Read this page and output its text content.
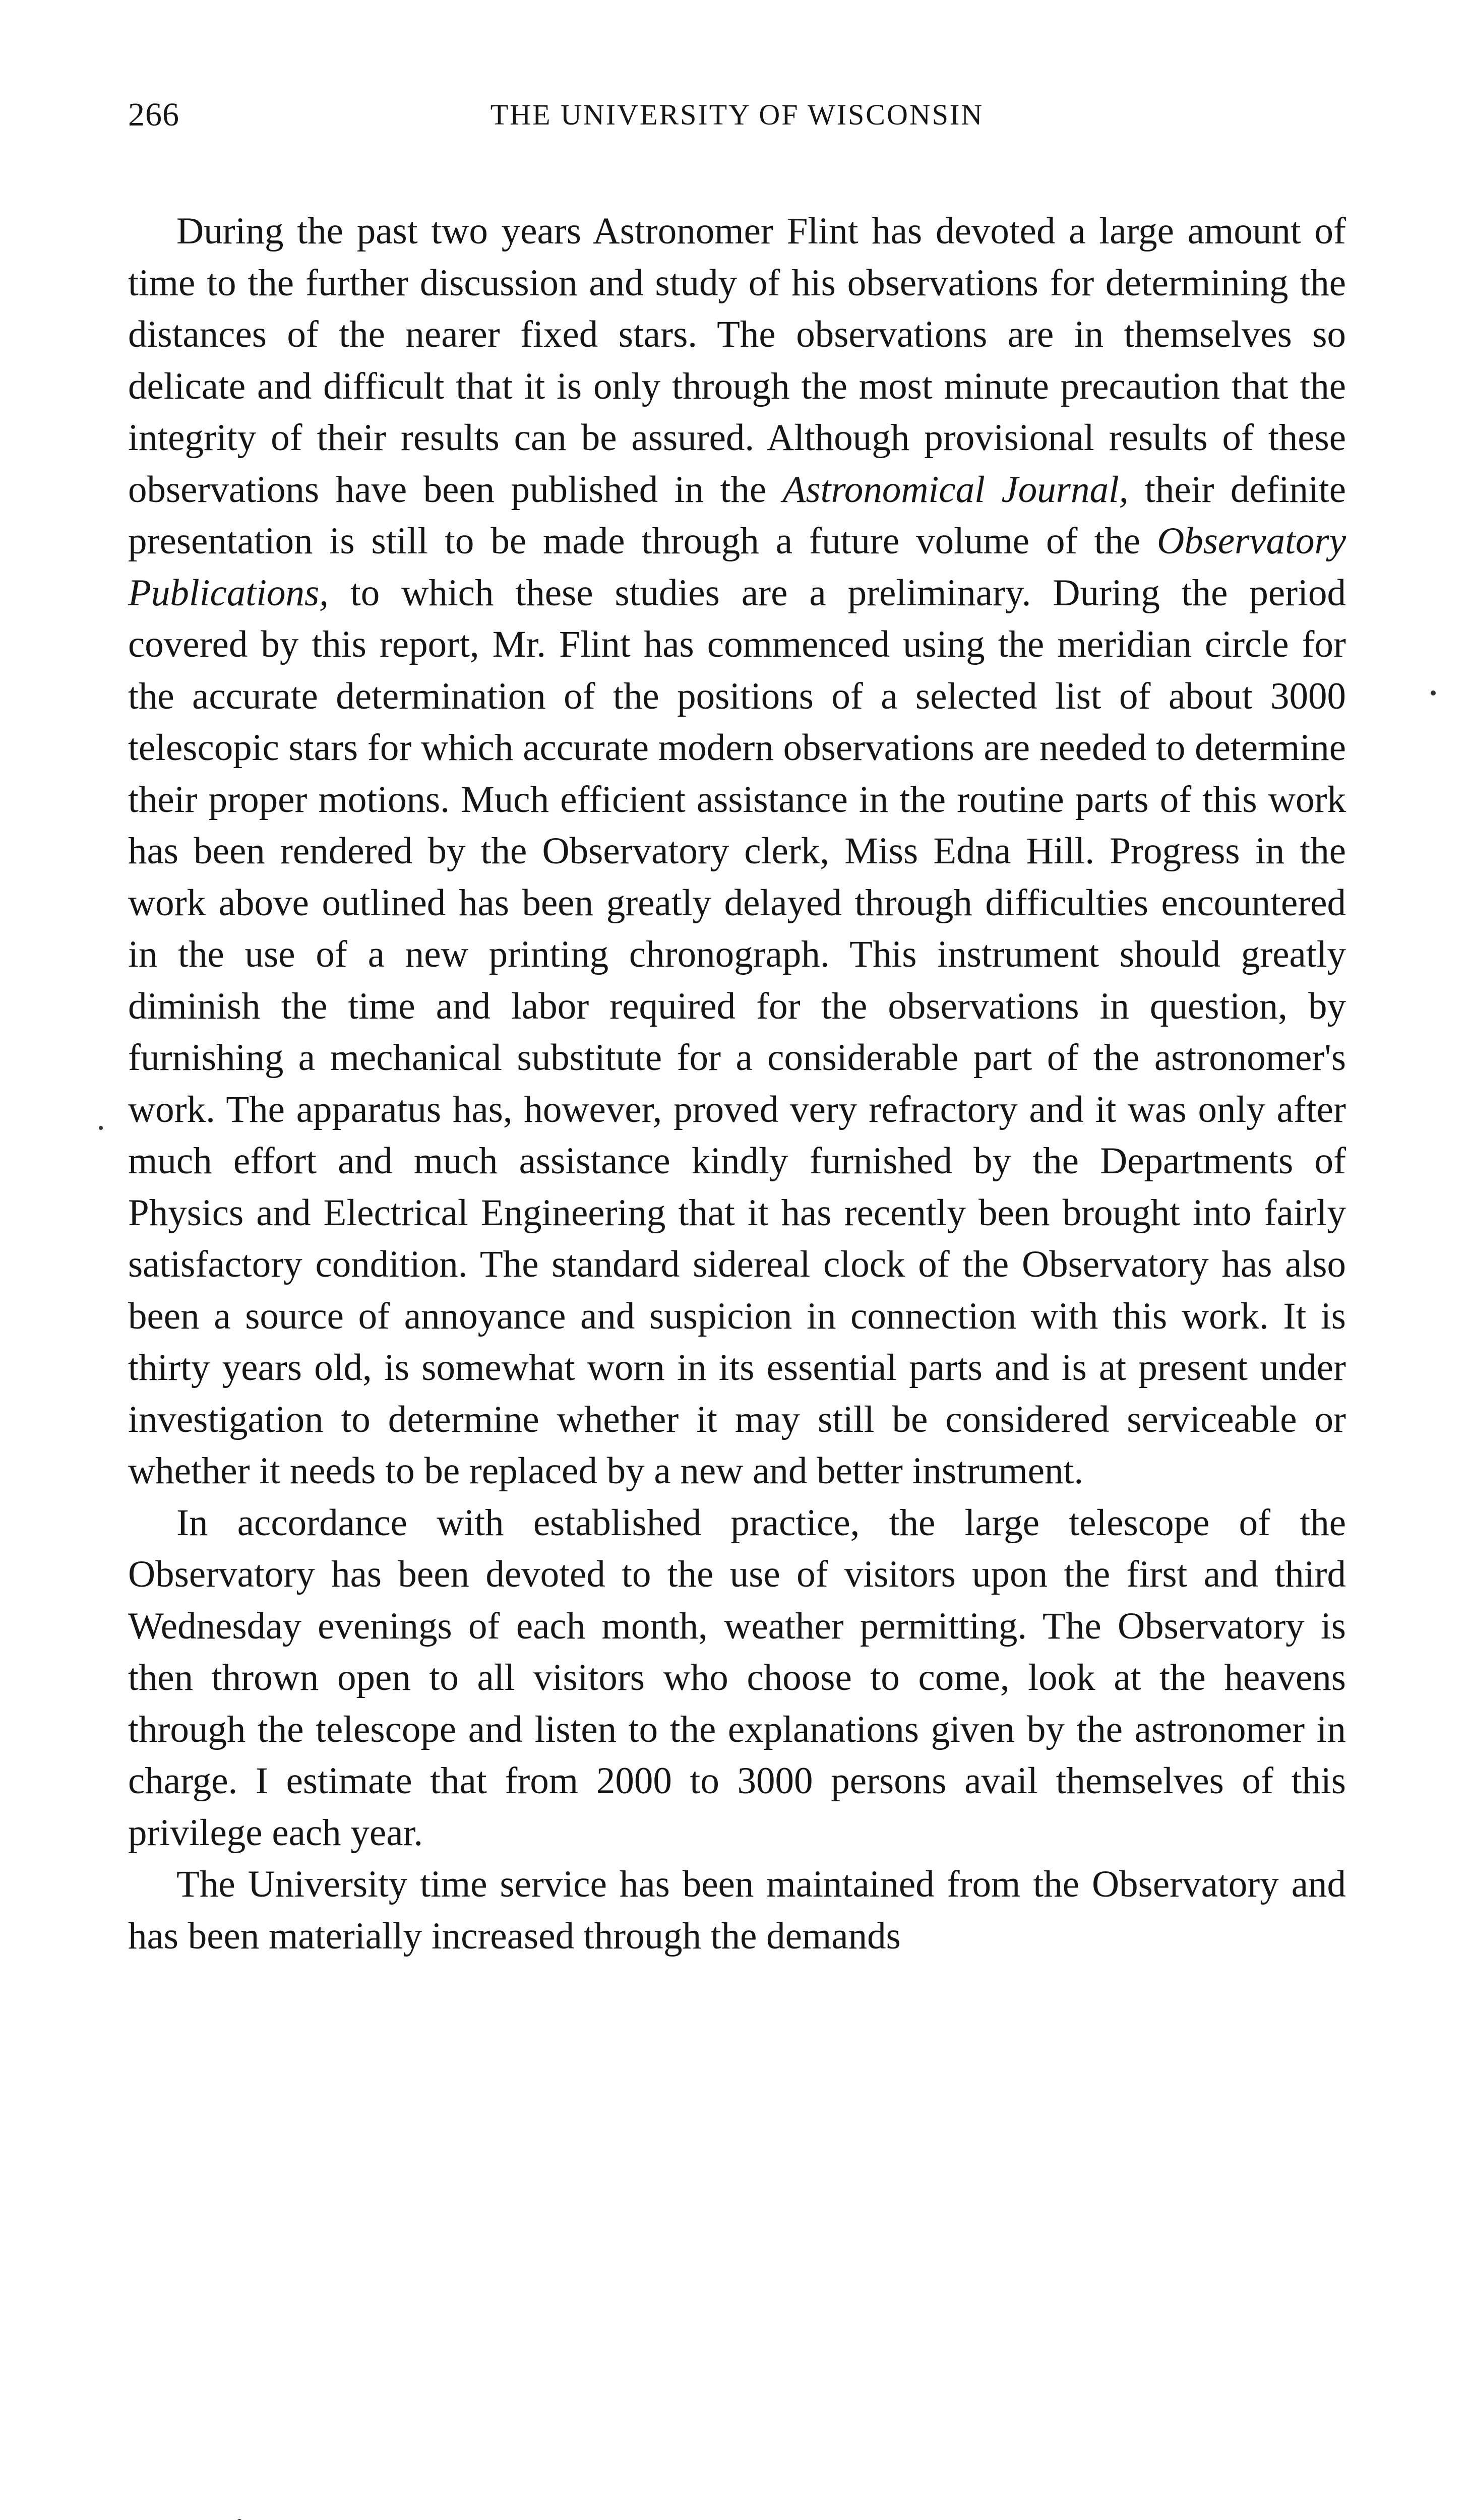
266	THE UNIVERSITY OF WISCONSIN

During the past two years Astronomer Flint has devoted a large amount of time to the further discussion and study of his observations for determining the distances of the nearer fixed stars. The observations are in themselves so delicate and difficult that it is only through the most minute precaution that the integrity of their results can be assured. Although provisional results of these observations have been published in the Astronomical Journal, their definite presentation is still to be made through a future volume of the Observatory Publications, to which these studies are a preliminary. During the period covered by this report, Mr. Flint has commenced using the meridian circle for the accurate determination of the positions of a selected list of about 3000 telescopic stars for which accurate modern observations are needed to determine their proper motions. Much efficient assistance in the routine parts of this work has been rendered by the Observatory clerk, Miss Edna Hill. Progress in the work above outlined has been greatly delayed through difficulties encountered in the use of a new printing chronograph. This instrument should greatly diminish the time and labor required for the observations in question, by furnishing a mechanical substitute for a considerable part of the astronomer's work. The apparatus has, however, proved very refractory and it was only after much effort and much assistance kindly furnished by the Departments of Physics and Electrical Engineering that it has recently been brought into fairly satisfactory condition. The standard sidereal clock of the Observatory has also been a source of annoyance and suspicion in connection with this work. It is thirty years old, is somewhat worn in its essential parts and is at present under investigation to determine whether it may still be considered serviceable or whether it needs to be replaced by a new and better instrument.

In accordance with established practice, the large telescope of the Observatory has been devoted to the use of visitors upon the first and third Wednesday evenings of each month, weather permitting. The Observatory is then thrown open to all visitors who choose to come, look at the heavens through the telescope and listen to the explanations given by the astronomer in charge. I estimate that from 2000 to 3000 persons avail themselves of this privilege each year.

The University time service has been maintained from the Observatory and has been materially increased through the demands
